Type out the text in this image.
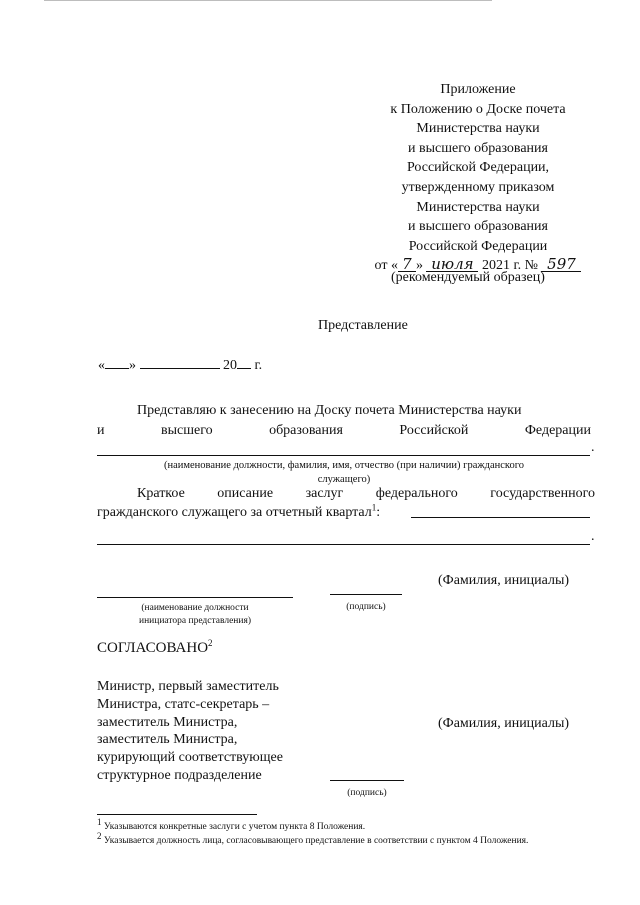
Приложение
к Положению о Доске почета
Министерства науки
и высшего образования
Российской Федерации,
утвержденному приказом
Министерства науки
и высшего образования
Российской Федерации
от « 7 » июля 2021 г. № 597
(рекомендуемый образец)
Представление
« »	20 г.
Представляю к занесению на Доску почета Министерства науки
и	высшего	образования	Российской	Федерации
.
(наименование должности, фамилия, имя, отчество (при наличии) гражданского
служащего)
Краткое описание заслуг федерального государственного
гражданского служащего за отчетный квартал$^1$:
.
(Фамилия, инициалы)
(наименование должности
инициатора представления)
(подпись)
СОГЛАСОВАНО$^2$
Министр, первый заместитель
Министра, статс-секретарь –
заместитель Министра,
заместитель Министра,
курирующий соответствующее
структурное подразделение
(Фамилия, инициалы)
(подпись)
$^1$ Указываются конкретные заслуги с учетом пункта 8 Положения.
$^2$ Указывается должность лица, согласовывающего представление в соответствии с пунктом 4 Положения.
